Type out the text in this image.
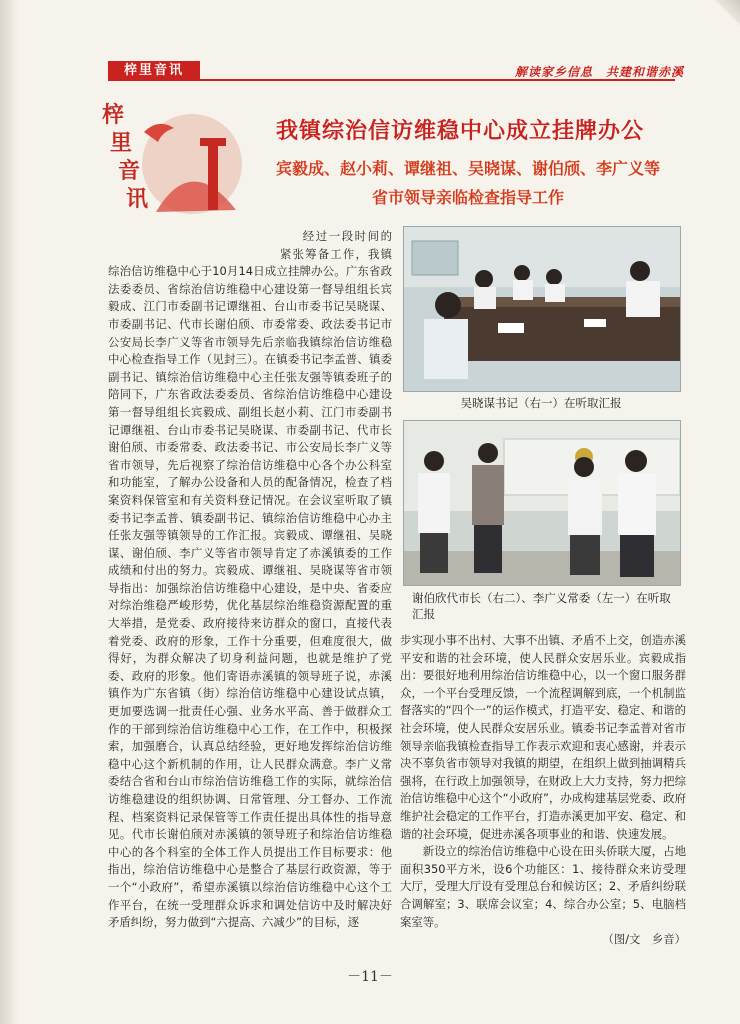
梓里音讯	解读家乡信息　共建和谐赤溪
梓
里
音
讯
我镇综治信访维稳中心成立挂牌办公
宾毅成、赵小莉、谭继祖、吴晓谋、谢伯颀、李广义等
省市领导亲临检查指导工作

经过一段时间的紧张筹备工作，我镇综治信访维稳中心于10月14日成立挂牌办公。广东省政法委委员、省综治信访维稳中心建设第一督导组组长宾毅成、江门市委副书记谭继祖、台山市委书记吴晓谋、市委副书记、代市长谢伯颀、市委常委、政法委书记市公安局长李广义等省市领导先后亲临我镇综治信访维稳中心检查指导工作（见封三）。在镇委书记李孟普、镇委副书记、镇综治信访维稳中心主任张友强等镇委班子的陪同下，广东省政法委委员、省综治信访维稳中心建设第一督导组组长宾毅成、副组长赵小莉、江门市委副书记谭继祖、台山市委书记吴晓谋、市委副书记、代市长谢伯颀、市委常委、政法委书记、市公安局长李广义等省市领导，先后视察了综治信访维稳中心各个办公科室和功能室，了解办公设备和人员的配备情况，检查了档案资料保管室和有关资料登记情况。在会议室听取了镇委书记李孟普、镇委副书记、镇综治信访维稳中心办主任张友强等镇领导的工作汇报。宾毅成、谭继祖、吴晓谋、谢伯颀、李广义等省市领导肯定了赤溪镇委的工作成绩和付出的努力。宾毅成、谭继祖、吴晓谋等省市领导指出：加强综治信访维稳中心建设，是中央、省委应对综治维稳严峻形势，优化基层综治维稳资源配置的重大举措，是党委、政府接待来访群众的窗口，直接代表着党委、政府的形象，工作十分重要，但难度很大，做得好，为群众解决了切身利益问题，也就是维护了党委、政府的形象。他们寄语赤溪镇的领导班子说，赤溪镇作为广东省镇（街）综治信访维稳中心建设试点镇，更加要选调一批责任心强、业务水平高、善于做群众工作的干部到综治信访维稳中心工作，在工作中，积极探索，加强磨合，认真总结经验，更好地发挥综治信访维稳中心这个新机制的作用，让人民群众满意。李广义常委结合省和台山市综治信访维稳工作的实际，就综治信访维稳建设的组织协调、日常管理、分工督办、工作流程、档案资料记录保管等工作责任提出具体性的指导意见。代市长谢伯颀对赤溪镇的领导班子和综治信访维稳中心的各个科室的全体工作人员提出工作目标要求：他指出，综治信访维稳中心是整合了基层行政资源，等于一个“小政府”，希望赤溪镇以综治信访维稳中心这个工作平台，在统一受理群众诉求和调处信访中及时解决好矛盾纠纷，努力做到“六提高、六减少”的目标，逐

吴晓谋书记（右一）在听取汇报
谢伯欣代市长（右二）、李广义常委（左一）在听取汇报

步实现小事不出村、大事不出镇、矛盾不上交，创造赤溪平安和谐的社会环境，使人民群众安居乐业。宾毅成指出：要很好地利用综治信访维稳中心，以一个窗口服务群众，一个平台受理反馈，一个流程调解到底，一个机制监督落实的“四个一”的运作模式，打造平安、稳定、和谐的社会环境，使人民群众安居乐业。镇委书记李孟普对省市领导亲临我镇检查指导工作表示欢迎和衷心感谢，并表示决不辜负省市领导对我镇的期望，在组织上做到抽调精兵强将，在行政上加强领导，在财政上大力支持，努力把综治信访维稳中心这个“小政府”，办成构建基层党委、政府维护社会稳定的工作平台，打造赤溪更加平安、稳定、和谐的社会环境，促进赤溪各项事业的和谐、快速发展。

新设立的综治信访维稳中心设在田头侨联大厦，占地面积350平方米，设6个功能区：1、接待群众来访受理大厅，受理大厅设有受理总台和候访区；2、矛盾纠纷联合调解室；3、联席会议室；4、综合办公室；5、电脑档案室等。

（图/文　乡音）
－11－
